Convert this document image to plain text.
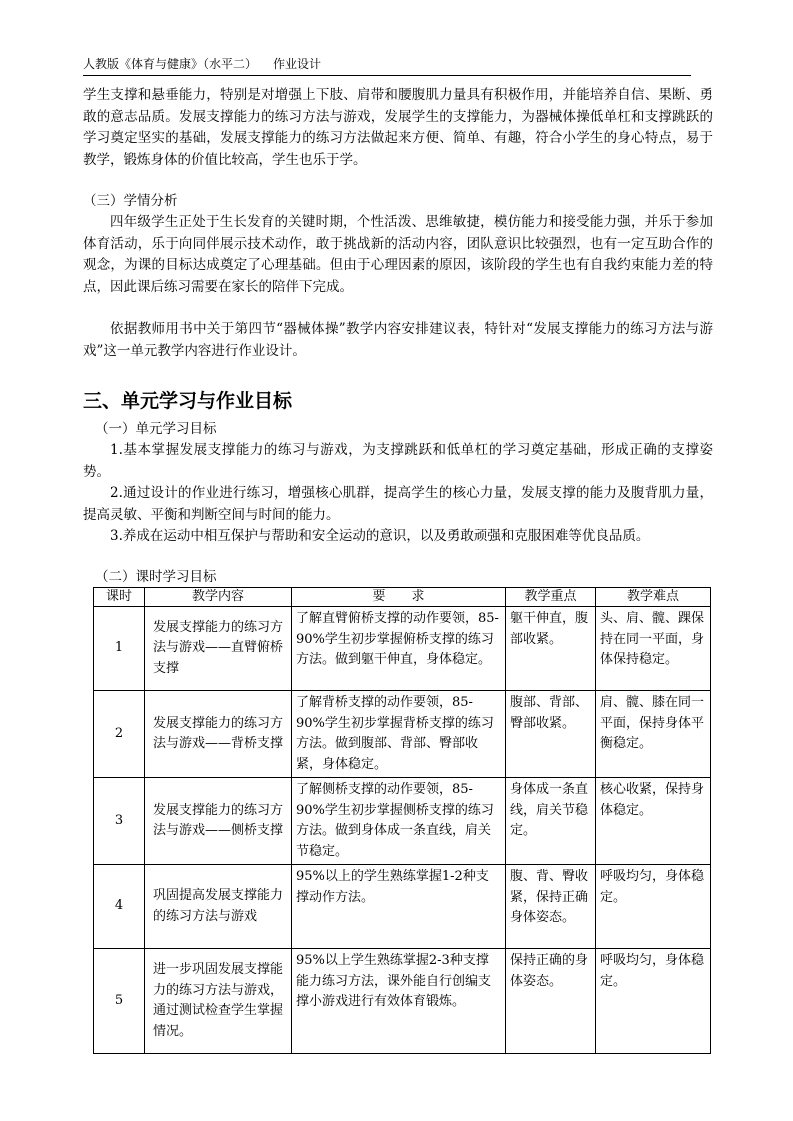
人教版《体育与健康》（水平二） 作业设计

学生支撑和悬垂能力，特别是对增强上下肢、肩带和腰腹肌力量具有积极作用，并能培养自信、果断、勇敢的意志品质。发展支撑能力的练习方法与游戏，发展学生的支撑能力，为器械体操低单杠和支撑跳跃的学习奠定坚实的基础，发展支撑能力的练习方法做起来方便、简单、有趣，符合小学生的身心特点，易于教学，锻炼身体的价值比较高，学生也乐于学。

（三）学情分析

四年级学生正处于生长发育的关键时期，个性活泼、思维敏捷，模仿能力和接受能力强，并乐于参加体育活动，乐于向同伴展示技术动作，敢于挑战新的活动内容，团队意识比较强烈，也有一定互助合作的观念，为课的目标达成奠定了心理基础。但由于心理因素的原因，该阶段的学生也有自我约束能力差的特点，因此课后练习需要在家长的陪伴下完成。

依据教师用书中关于第四节“器械体操”教学内容安排建议表，特针对“发展支撑能力的练习方法与游戏”这一单元教学内容进行作业设计。

三、单元学习与作业目标

（一）单元学习目标

1.基本掌握发展支撑能力的练习与游戏，为支撑跳跃和低单杠的学习奠定基础，形成正确的支撑姿势。

2.通过设计的作业进行练习，增强核心肌群，提高学生的核心力量，发展支撑的能力及腹背肌力量，提高灵敏、平衡和判断空间与时间的能力。

3.养成在运动中相互保护与帮助和安全运动的意识，以及勇敢顽强和克服困难等优良品质。

（二）课时学习目标

课时	教学内容	要　　求	教学重点	教学难点
1	发展支撑能力的练习方法与游戏——直臂俯桥支撑	了解直臂俯桥支撑的动作要领，85-90%学生初步掌握俯桥支撑的练习方法。做到躯干伸直，身体稳定。	躯干伸直，腹部收紧。	头、肩、髋、踝保持在同一平面，身体保持稳定。
2	发展支撑能力的练习方法与游戏——背桥支撑	了解背桥支撑的动作要领，85-90%学生初步掌握背桥支撑的练习方法。做到腹部、背部、臀部收紧，身体稳定。	腹部、背部、臀部收紧。	肩、髋、膝在同一平面，保持身体平衡稳定。
3	发展支撑能力的练习方法与游戏——侧桥支撑	了解侧桥支撑的动作要领，85-90%学生初步掌握侧桥支撑的练习方法。做到身体成一条直线，肩关节稳定。	身体成一条直线，肩关节稳定。	核心收紧，保持身体稳定。
4	巩固提高发展支撑能力的练习方法与游戏	95%以上的学生熟练掌握1-2种支撑动作方法。	腹、背、臀收紧，保持正确身体姿态。	呼吸均匀，身体稳定。
5	进一步巩固发展支撑能力的练习方法与游戏，通过测试检查学生掌握情况。	95%以上学生熟练掌握2-3种支撑能力练习方法，课外能自行创编支撑小游戏进行有效体育锻炼。	保持正确的身体姿态。	呼吸均匀，身体稳定。
